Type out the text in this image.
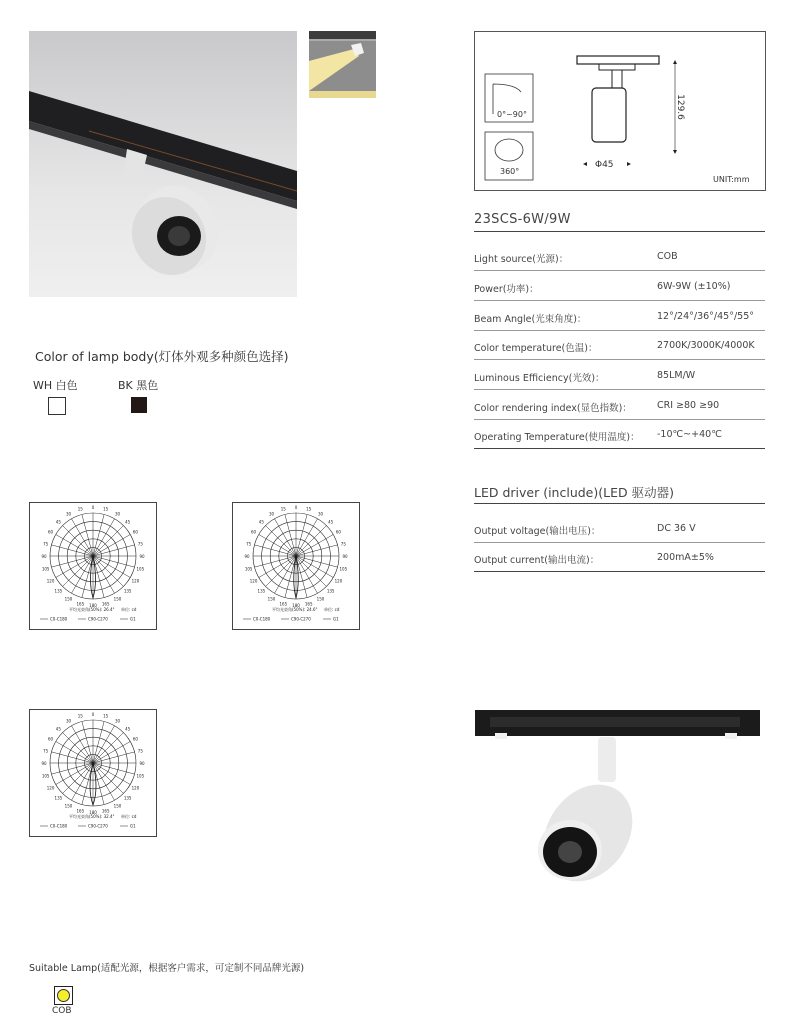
0°~90°
360°
129.6
Φ45
UNIT:mm
23SCS-6W/9W
Light source(光源)：	COB
Power(功率)：	6W-9W (±10%)
Beam Angle(光束角度)：	12°/24°/36°/45°/55°
Color temperature(色温)：	2700K/3000K/4000K
Luminous Efficiency(光效)：	85LM/W
Color rendering index(显色指数)：	CRI ≥80 ≥90
Operating Temperature(使用温度)： -10℃~+40℃
LED driver (include)(LED 驱动器)
Output voltage(输出电压)：	DC 36 V
Output current(输出电流)：	200mA±5%
Color of lamp body(灯体外观多种颜色选择)
WH 白色	BK 黑色
180 165
165
150
150
135
135
120
120
105
105
90
90
75
75
60
60
45
45
30
30
15
15 0
平均光束角(50%): 26.4° 单位: cd
C0-C180	C90-C270	G1
180 165
165
150
150
135
135
120
120
105
105
90
90
75
75
60
60
45
45
30
30
15
15 0
平均光束角(50%): 24.6° 单位: cd
C0-C180	C90-C270	G1
180 165
165
150
150
135
135
120
120
105
105
90
90
75
75
60
60
45
45
30
30
15
15 0
平均光束角(50%): 32.4° 单位: cd
C0-C180	C90-C270	G1
Suitable Lamp(适配光源，根据客户需求，可定制不同品牌光源)
COB
